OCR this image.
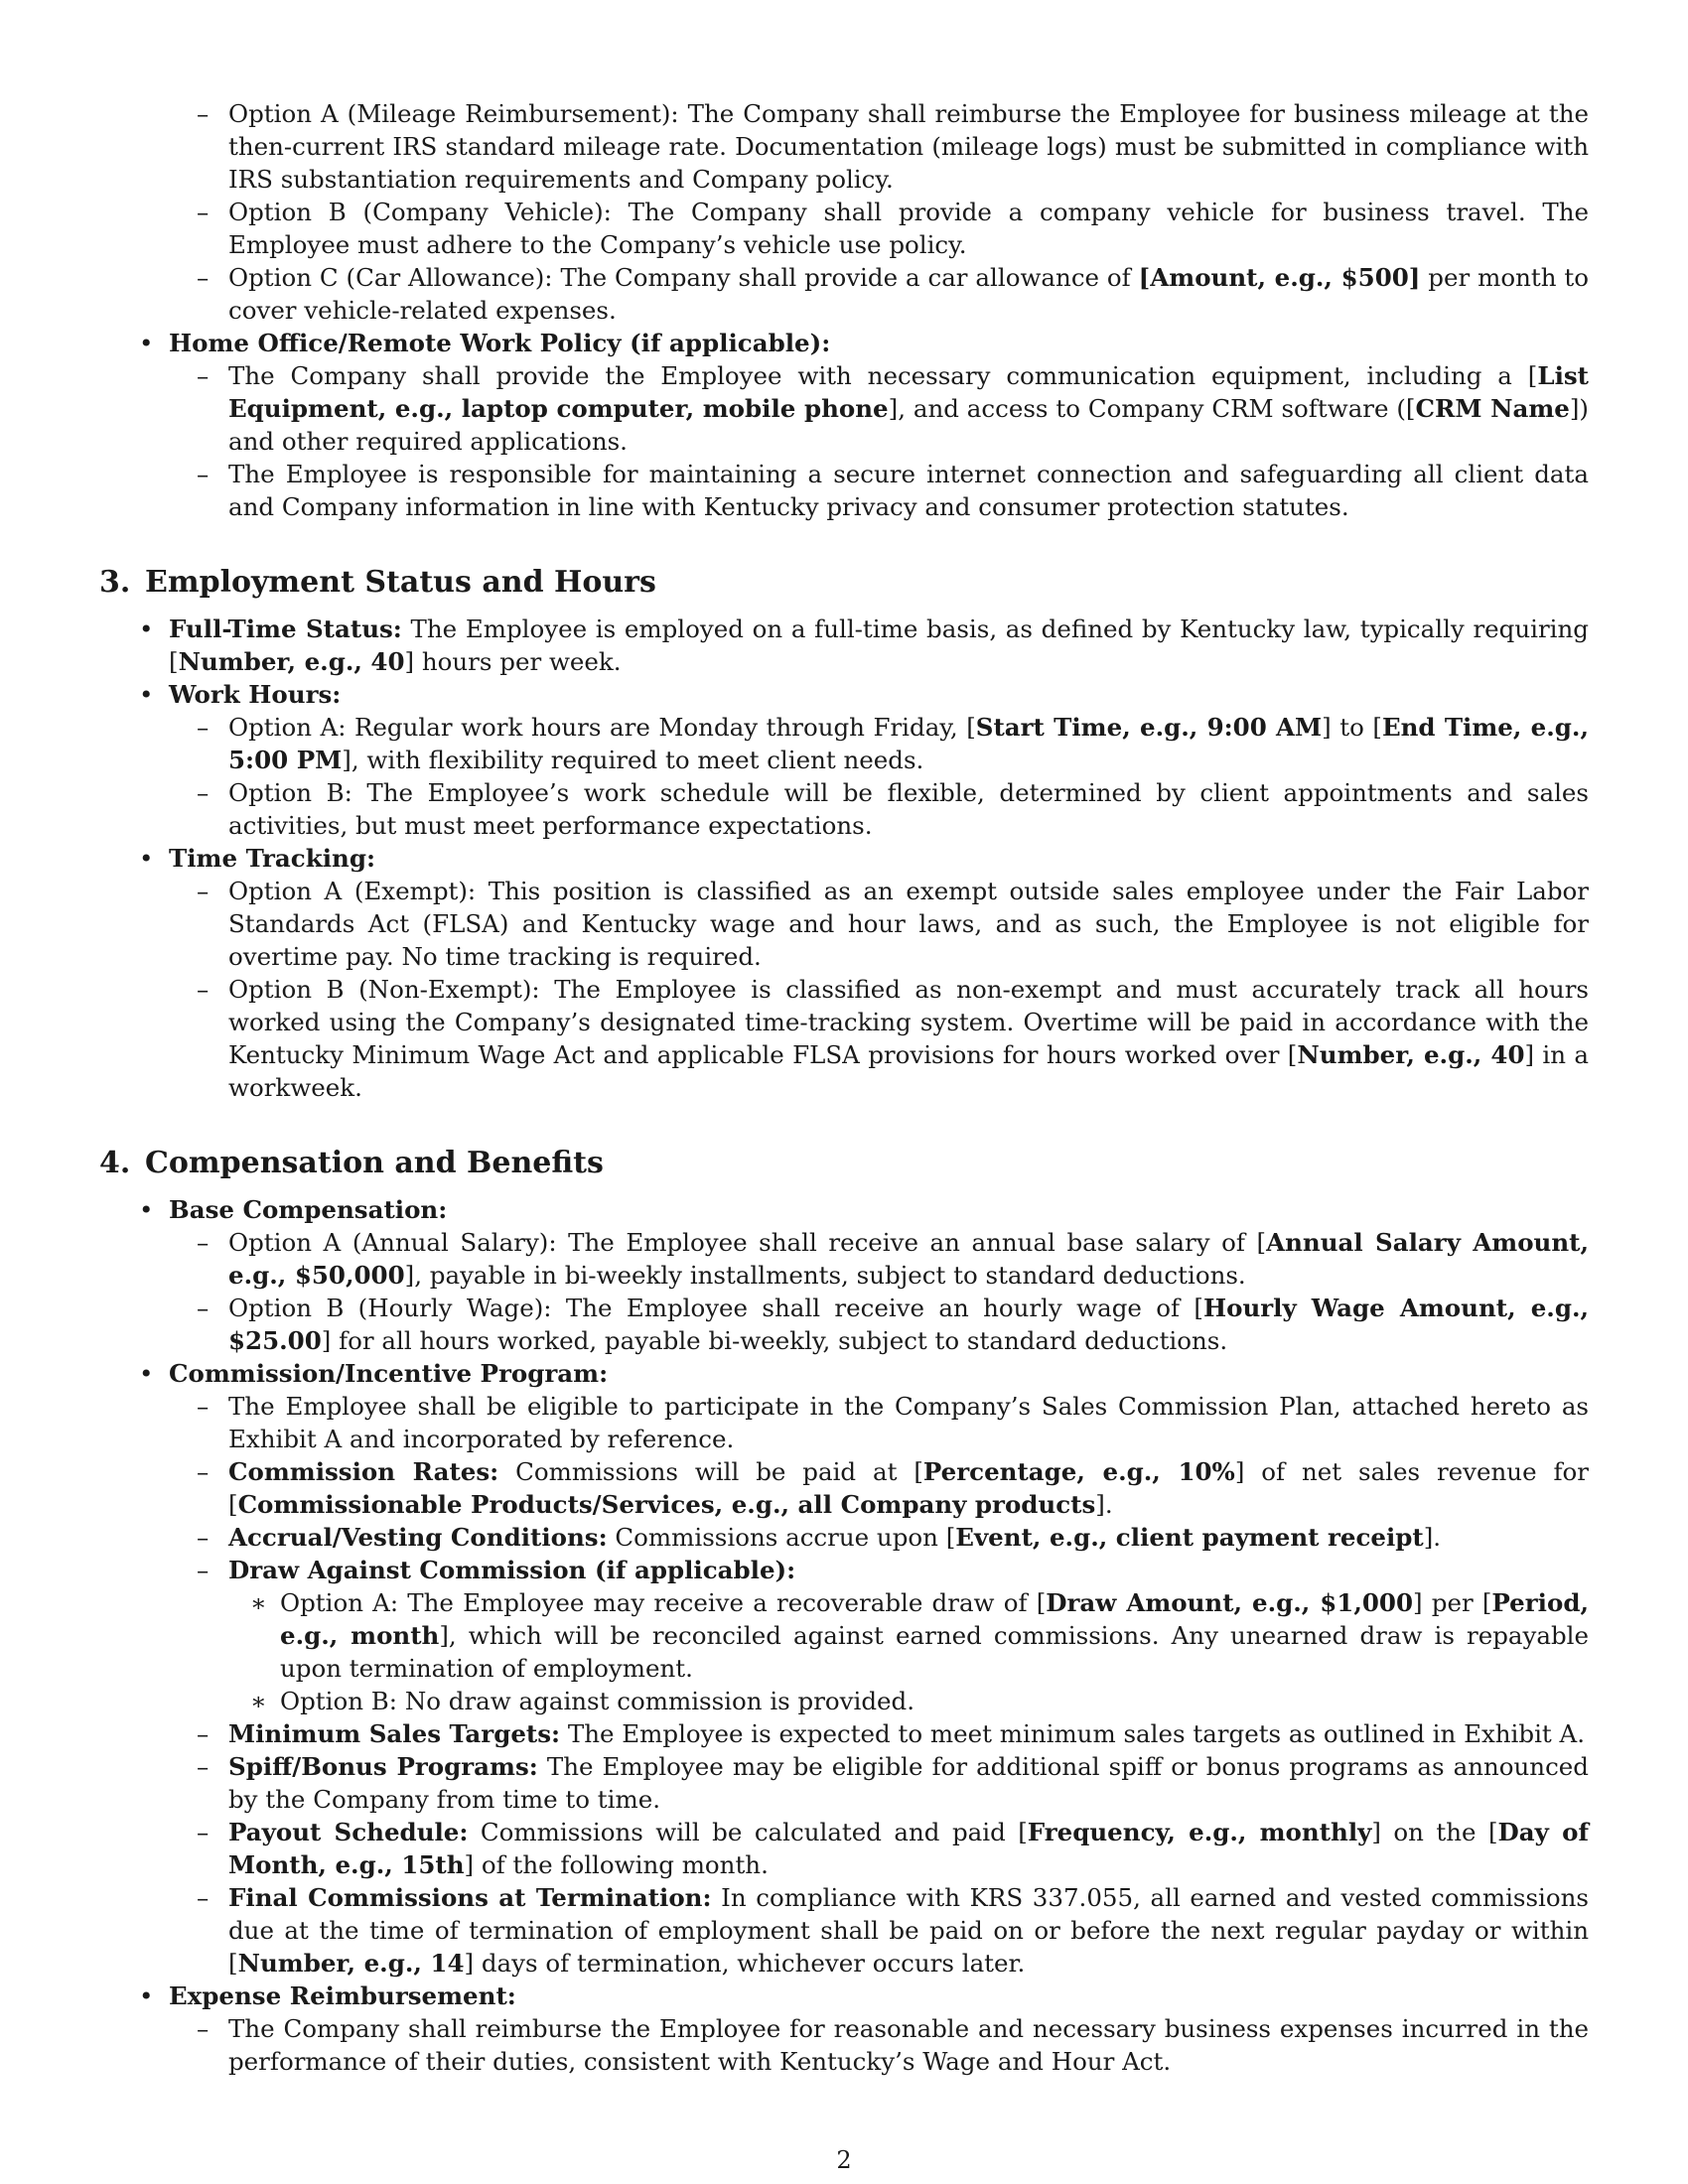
– Option A (Mileage Reimbursement): The Company shall reimburse the Employee for business mileage at the then-current IRS standard mileage rate. Documentation (mileage logs) must be submitted in compliance with IRS substantiation requirements and Company policy.
– Option B (Company Vehicle): The Company shall provide a company vehicle for business travel. The Employee must adhere to the Company’s vehicle use policy.
– Option C (Car Allowance): The Company shall provide a car allowance of [Amount, e.g., $500] per month to cover vehicle-related expenses.
• Home Office/Remote Work Policy (if applicable):
– The Company shall provide the Employee with necessary communication equipment, including a [List Equipment, e.g., laptop computer, mobile phone], and access to Company CRM software ([CRM Name]) and other required applications.
– The Employee is responsible for maintaining a secure internet connection and safeguarding all client data and Company information in line with Kentucky privacy and consumer protection statutes.
3. Employment Status and Hours
• Full-Time Status: The Employee is employed on a full-time basis, as defined by Kentucky law, typically requiring [Number, e.g., 40] hours per week.
• Work Hours:
– Option A: Regular work hours are Monday through Friday, [Start Time, e.g., 9:00 AM] to [End Time, e.g., 5:00 PM], with flexibility required to meet client needs.
– Option B: The Employee’s work schedule will be flexible, determined by client appointments and sales activities, but must meet performance expectations.
• Time Tracking:
– Option A (Exempt): This position is classified as an exempt outside sales employee under the Fair Labor Standards Act (FLSA) and Kentucky wage and hour laws, and as such, the Employee is not eligible for overtime pay. No time tracking is required.
– Option B (Non-Exempt): The Employee is classified as non-exempt and must accurately track all hours worked using the Company’s designated time-tracking system. Overtime will be paid in accordance with the Kentucky Minimum Wage Act and applicable FLSA provisions for hours worked over [Number, e.g., 40] in a workweek.
4. Compensation and Benefits
• Base Compensation:
– Option A (Annual Salary): The Employee shall receive an annual base salary of [Annual Salary Amount, e.g., $50,000], payable in bi-weekly installments, subject to standard deductions.
– Option B (Hourly Wage): The Employee shall receive an hourly wage of [Hourly Wage Amount, e.g., $25.00] for all hours worked, payable bi-weekly, subject to standard deductions.
• Commission/Incentive Program:
– The Employee shall be eligible to participate in the Company’s Sales Commission Plan, attached hereto as Exhibit A and incorporated by reference.
– Commission Rates: Commissions will be paid at [Percentage, e.g., 10%] of net sales revenue for [Commissionable Products/Services, e.g., all Company products].
– Accrual/Vesting Conditions: Commissions accrue upon [Event, e.g., client payment receipt].
– Draw Against Commission (if applicable):
∗ Option A: The Employee may receive a recoverable draw of [Draw Amount, e.g., $1,000] per [Period, e.g., month], which will be reconciled against earned commissions. Any unearned draw is repayable upon termination of employment.
∗ Option B: No draw against commission is provided.
– Minimum Sales Targets: The Employee is expected to meet minimum sales targets as outlined in Exhibit A.
– Spiff/Bonus Programs: The Employee may be eligible for additional spiff or bonus programs as announced by the Company from time to time.
– Payout Schedule: Commissions will be calculated and paid [Frequency, e.g., monthly] on the [Day of Month, e.g., 15th] of the following month.
– Final Commissions at Termination: In compliance with KRS 337.055, all earned and vested commissions due at the time of termination of employment shall be paid on or before the next regular payday or within [Number, e.g., 14] days of termination, whichever occurs later.
• Expense Reimbursement:
– The Company shall reimburse the Employee for reasonable and necessary business expenses incurred in the performance of their duties, consistent with Kentucky’s Wage and Hour Act.
2
